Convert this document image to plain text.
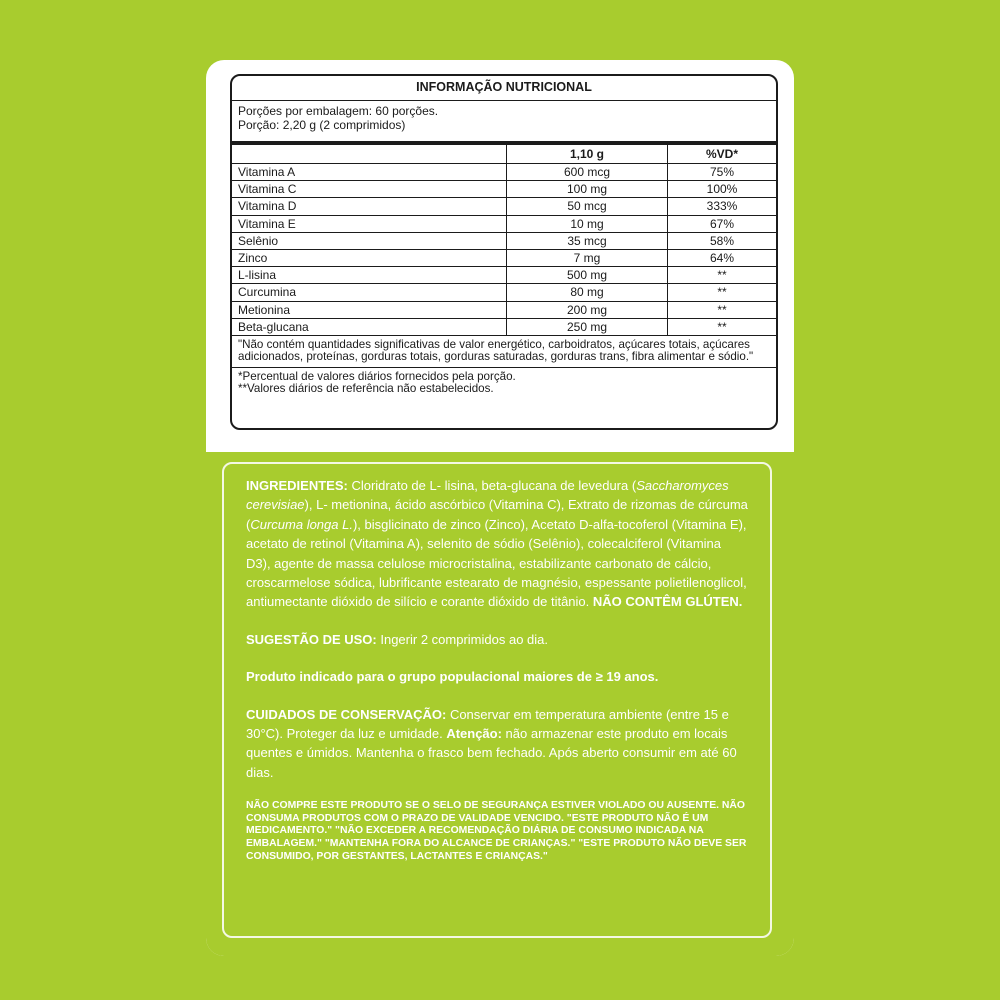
INFORMAÇÃO NUTRICIONAL
Porções por embalagem: 60 porções.
Porção: 2,20 g (2 comprimidos)
	1,10 g	%VD*
Vitamina A	600 mcg	75%
Vitamina C	100 mg	100%
Vitamina D	50 mcg	333%
Vitamina E	10 mg	67%
Selênio	35 mcg	58%
Zinco	7 mg	64%
L-lisina	500 mg	**
Curcumina	80 mg	**
Metionina	200 mg	**
Beta-glucana	250 mg	**
"Não contém quantidades significativas de valor energético, carboidratos, açúcares totais, açúcares adicionados, proteínas, gorduras totais, gorduras saturadas, gorduras trans, fibra alimentar e sódio."
*Percentual de valores diários fornecidos pela porção.
**Valores diários de referência não estabelecidos.

INGREDIENTES: Cloridrato de L- lisina, beta-glucana de levedura (Saccharomyces cerevisiae), L- metionina, ácido ascórbico (Vitamina C), Extrato de rizomas de cúrcuma (Curcuma longa L.), bisglicinato de zinco (Zinco), Acetato D-alfa-tocoferol (Vitamina E), acetato de retinol (Vitamina A), selenito de sódio (Selênio), colecalciferol (Vitamina D3), agente de massa celulose microcristalina, estabilizante carbonato de cálcio, croscarmelose sódica, lubrificante estearato de magnésio, espessante polietilenoglicol, antiumectante dióxido de silício e corante dióxido de titânio. NÃO CONTÊM GLÚTEN.

SUGESTÃO DE USO: Ingerir 2 comprimidos ao dia.

Produto indicado para o grupo populacional maiores de ≥ 19 anos.

CUIDADOS DE CONSERVAÇÃO: Conservar em temperatura ambiente (entre 15 e 30°C). Proteger da luz e umidade. Atenção: não armazenar este produto em locais quentes e úmidos. Mantenha o frasco bem fechado. Após aberto consumir em até 60 dias.

NÃO COMPRE ESTE PRODUTO SE O SELO DE SEGURANÇA ESTIVER VIOLADO OU AUSENTE. NÃO CONSUMA PRODUTOS COM O PRAZO DE VALIDADE VENCIDO. "ESTE PRODUTO NÃO É UM MEDICAMENTO." "NÃO EXCEDER A RECOMENDAÇÃO DIÁRIA DE CONSUMO INDICADA NA EMBALAGEM." "MANTENHA FORA DO ALCANCE DE CRIANÇAS." "ESTE PRODUTO NÃO DEVE SER CONSUMIDO, POR GESTANTES, LACTANTES E CRIANÇAS."
